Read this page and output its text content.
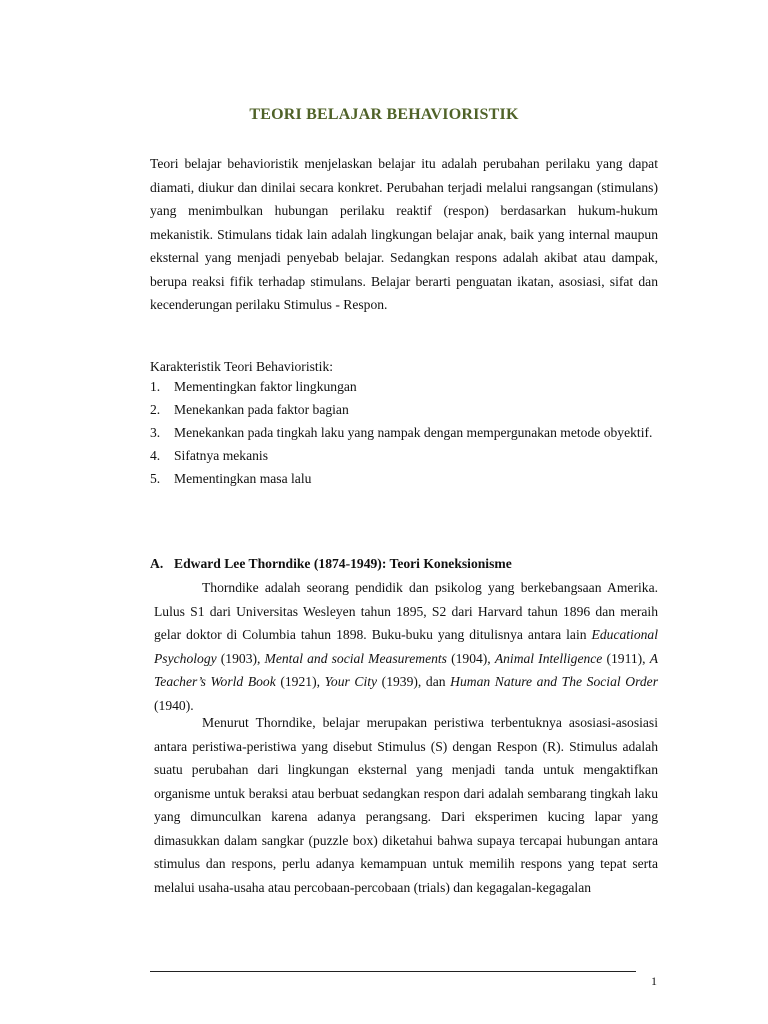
TEORI BELAJAR BEHAVIORISTIK

Teori belajar behavioristik menjelaskan belajar itu adalah perubahan perilaku yang dapat diamati, diukur dan dinilai secara konkret. Perubahan terjadi melalui rangsangan (stimulans) yang menimbulkan hubungan perilaku reaktif (respon) berdasarkan hukum-hukum mekanistik. Stimulans tidak lain adalah lingkungan belajar anak, baik yang internal maupun eksternal yang menjadi penyebab belajar. Sedangkan respons adalah akibat atau dampak, berupa reaksi fifik terhadap stimulans. Belajar berarti penguatan ikatan, asosiasi, sifat dan kecenderungan perilaku Stimulus - Respon.

Karakteristik Teori Behavioristik:
1.	Mementingkan faktor lingkungan
2.	Menekankan pada faktor bagian
3.	Menekankan pada tingkah laku yang nampak dengan mempergunakan metode obyektif.
4.	Sifatnya mekanis
5.	Mementingkan masa lalu
A. Edward Lee Thorndike (1874-1949): Teori Koneksionisme

Thorndike adalah seorang pendidik dan psikolog yang berkebangsaan Amerika. Lulus S1 dari Universitas Wesleyen tahun 1895, S2 dari Harvard tahun 1896 dan meraih gelar doktor di Columbia tahun 1898. Buku-buku yang ditulisnya antara lain Educational Psychology (1903), Mental and social Measurements (1904), Animal Intelligence (1911), A Teacher’s World Book (1921), Your City (1939), dan Human Nature and The Social Order (1940).

Menurut Thorndike, belajar merupakan peristiwa terbentuknya asosiasi-asosiasi antara peristiwa-peristiwa yang disebut Stimulus (S) dengan Respon (R). Stimulus adalah suatu perubahan dari lingkungan eksternal yang menjadi tanda untuk mengaktifkan organisme untuk beraksi atau berbuat sedangkan respon dari adalah sembarang tingkah laku yang dimunculkan karena adanya perangsang. Dari eksperimen kucing lapar yang dimasukkan dalam sangkar (puzzle box) diketahui bahwa supaya tercapai hubungan antara stimulus dan respons, perlu adanya kemampuan untuk memilih respons yang tepat serta melalui usaha-usaha atau percobaan-percobaan (trials) dan kegagalan-kegagalan

1
